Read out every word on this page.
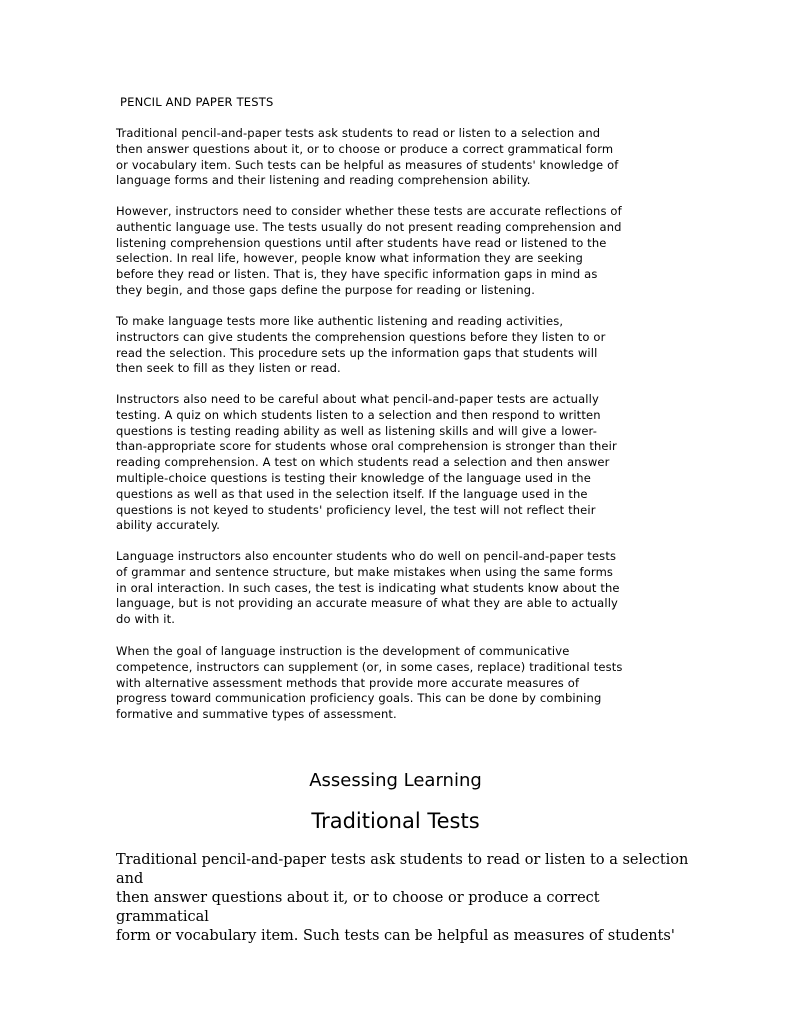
PENCIL AND PAPER TESTS

Traditional pencil-and-paper tests ask students to read or listen to a selection and
then answer questions about it, or to choose or produce a correct grammatical form
or vocabulary item. Such tests can be helpful as measures of students' knowledge of
language forms and their listening and reading comprehension ability.

However, instructors need to consider whether these tests are accurate reflections of
authentic language use. The tests usually do not present reading comprehension and
listening comprehension questions until after students have read or listened to the
selection. In real life, however, people know what information they are seeking
before they read or listen. That is, they have specific information gaps in mind as
they begin, and those gaps define the purpose for reading or listening.

To make language tests more like authentic listening and reading activities,
instructors can give students the comprehension questions before they listen to or
read the selection. This procedure sets up the information gaps that students will
then seek to fill as they listen or read.

Instructors also need to be careful about what pencil-and-paper tests are actually
testing. A quiz on which students listen to a selection and then respond to written
questions is testing reading ability as well as listening skills and will give a lower-
than-appropriate score for students whose oral comprehension is stronger than their
reading comprehension. A test on which students read a selection and then answer
multiple-choice questions is testing their knowledge of the language used in the
questions as well as that used in the selection itself. If the language used in the
questions is not keyed to students' proficiency level, the test will not reflect their
ability accurately.

Language instructors also encounter students who do well on pencil-and-paper tests
of grammar and sentence structure, but make mistakes when using the same forms
in oral interaction. In such cases, the test is indicating what students know about the
language, but is not providing an accurate measure of what they are able to actually
do with it.

When the goal of language instruction is the development of communicative
competence, instructors can supplement (or, in some cases, replace) traditional tests
with alternative assessment methods that provide more accurate measures of
progress toward communication proficiency goals. This can be done by combining
formative and summative types of assessment.

Assessing Learning
Traditional Tests

Traditional pencil-and-paper tests ask students to read or listen to a selection and
then answer questions about it, or to choose or produce a correct grammatical
form or vocabulary item. Such tests can be helpful as measures of students'
